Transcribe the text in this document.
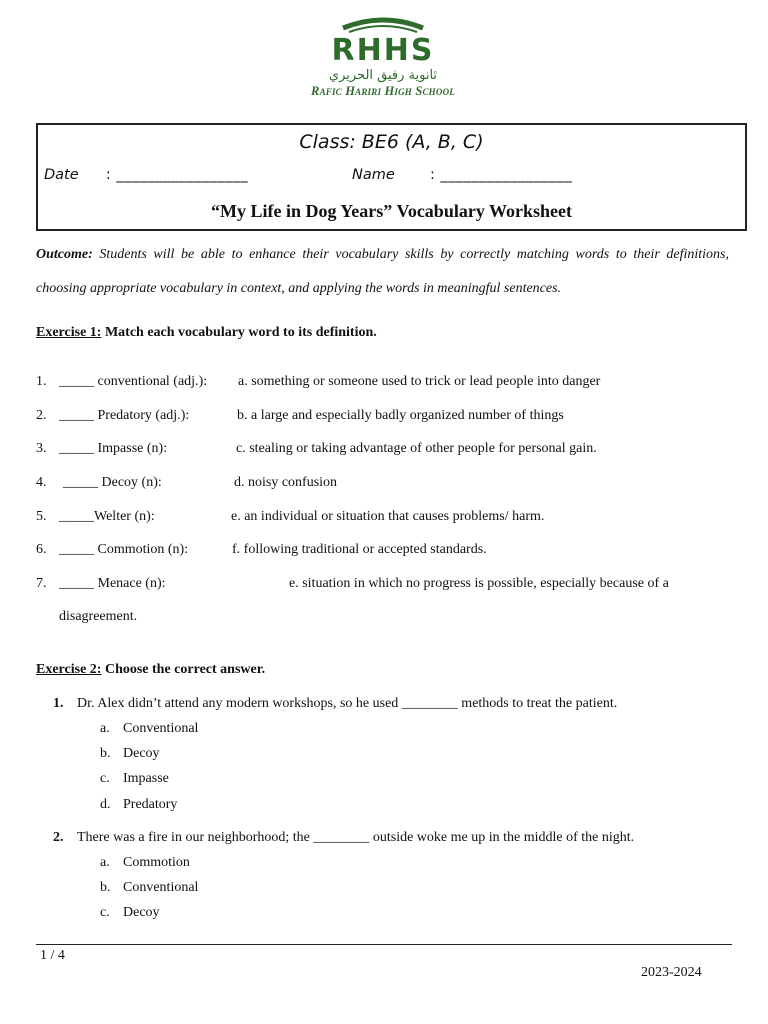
RHHS
ثانوية رفيق الحريري
Rafic Hariri High School
Class: BE6 (A, B, C)
Date : _________________	Name : _________________
“My Life in Dog Years” Vocabulary Worksheet
Outcome: Students will be able to enhance their vocabulary skills by correctly matching words to their definitions, choosing appropriate vocabulary in context, and applying the words in meaningful sentences.
Exercise 1: Match each vocabulary word to its definition.
1. _____ conventional (adj.): a. something or someone used to trick or lead people into danger
2. _____ Predatory (adj.):	b. a large and especially badly organized number of things
3. _____ Impasse (n):	c. stealing or taking advantage of other people for personal gain.
4. _____ Decoy (n):	d. noisy confusion
5. _____Welter (n):	e. an individual or situation that causes problems/ harm.
6. _____ Commotion (n):	f. following traditional or accepted standards.
7. _____ Menace (n):	e. situation in which no progress is possible, especially because of a
disagreement.
Exercise 2: Choose the correct answer.
1. Dr. Alex didn’t attend any modern workshops, so he used ________ methods to treat the patient.
a. Conventional
b. Decoy
c. Impasse
d. Predatory
2. There was a fire in our neighborhood; the ________ outside woke me up in the middle of the night.
a. Commotion
b. Conventional
c. Decoy
1 / 4
2023-2024
